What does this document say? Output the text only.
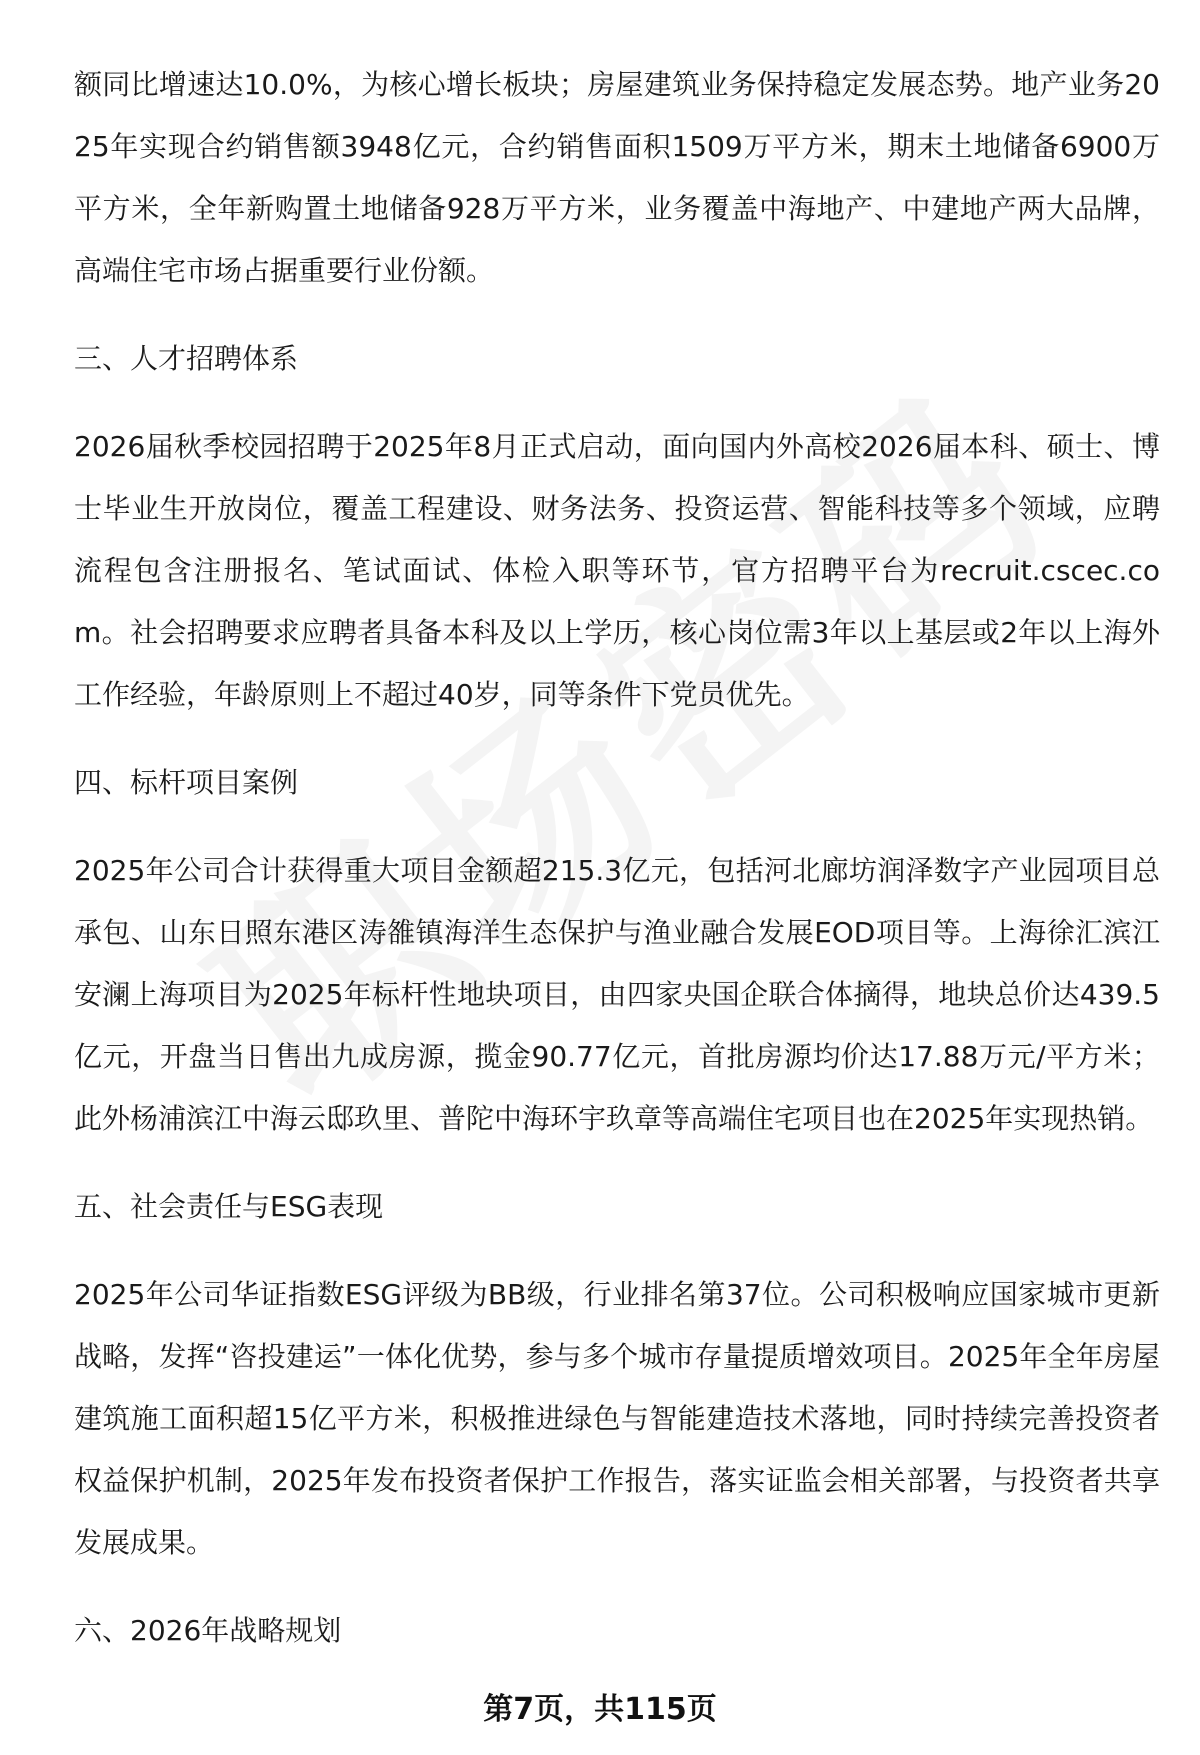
额同比增速达10.0%，为核心增长板块；房屋建筑业务保持稳定发展态势。地产业务2025年实现合约销售额3948亿元，合约销售面积1509万平方米，期末土地储备6900万平方米，全年新购置土地储备928万平方米，业务覆盖中海地产、中建地产两大品牌，高端住宅市场占据重要行业份额。

三、人才招聘体系

2026届秋季校园招聘于2025年8月正式启动，面向国内外高校2026届本科、硕士、博士毕业生开放岗位，覆盖工程建设、财务法务、投资运营、智能科技等多个领域，应聘流程包含注册报名、笔试面试、体检入职等环节，官方招聘平台为recruit.cscec.com。社会招聘要求应聘者具备本科及以上学历，核心岗位需3年以上基层或2年以上海外工作经验，年龄原则上不超过40岁，同等条件下党员优先。

四、标杆项目案例

2025年公司合计获得重大项目金额超215.3亿元，包括河北廊坊润泽数字产业园项目总承包、山东日照东港区涛雒镇海洋生态保护与渔业融合发展EOD项目等。上海徐汇滨江安澜上海项目为2025年标杆性地块项目，由四家央国企联合体摘得，地块总价达439.5亿元，开盘当日售出九成房源，揽金90.77亿元，首批房源均价达17.88万元/平方米；此外杨浦滨江中海云邸玖里、普陀中海环宇玖章等高端住宅项目也在2025年实现热销。

五、社会责任与ESG表现

2025年公司华证指数ESG评级为BB级，行业排名第37位。公司积极响应国家城市更新战略，发挥“咨投建运”一体化优势，参与多个城市存量提质增效项目。2025年全年房屋建筑施工面积超15亿平方米，积极推进绿色与智能建造技术落地，同时持续完善投资者权益保护机制，2025年发布投资者保护工作报告，落实证监会相关部署，与投资者共享发展成果。

六、2026年战略规划
第7页，共115页
